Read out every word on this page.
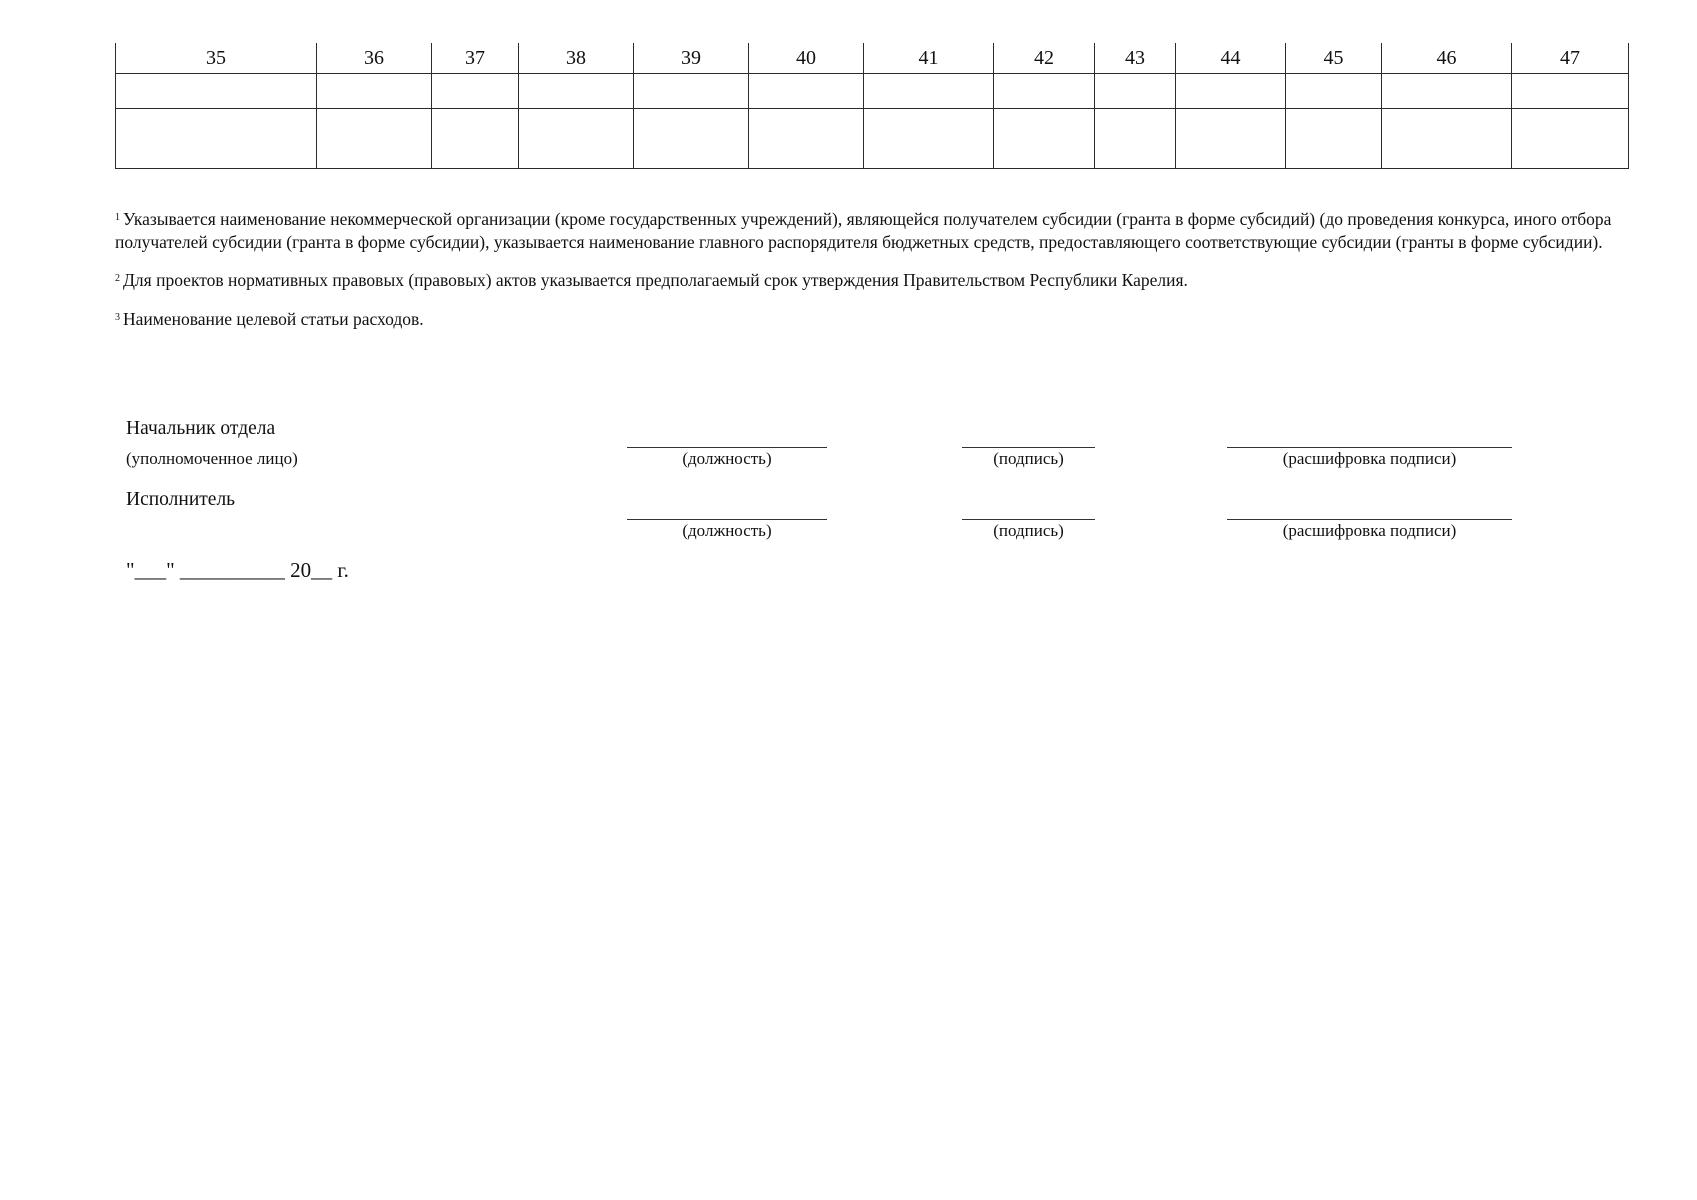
35	36	37	38	39	40	41	42	43	44	45	46	47

$^1$ Указывается наименование некоммерческой организации (кроме государственных учреждений), являющейся получателем субсидии (гранта в форме субсидий) (до проведения конкурса, иного отбора получателей субсидии (гранта в форме субсидии), указывается наименование главного распорядителя бюджетных средств, предоставляющего соответствующие субсидии (гранты в форме субсидии).

$^2$ Для проектов нормативных правовых (правовых) актов указывается предполагаемый срок утверждения Правительством Республики Карелия.

$^3$ Наименование целевой статьи расходов.

Начальник отдела
(уполномоченное лицо)	(должность)	(подпись)	(расшифровка подписи)
Исполнитель
(должность)	(подпись)	(расшифровка подписи)
"___" __________ 20__ г.
